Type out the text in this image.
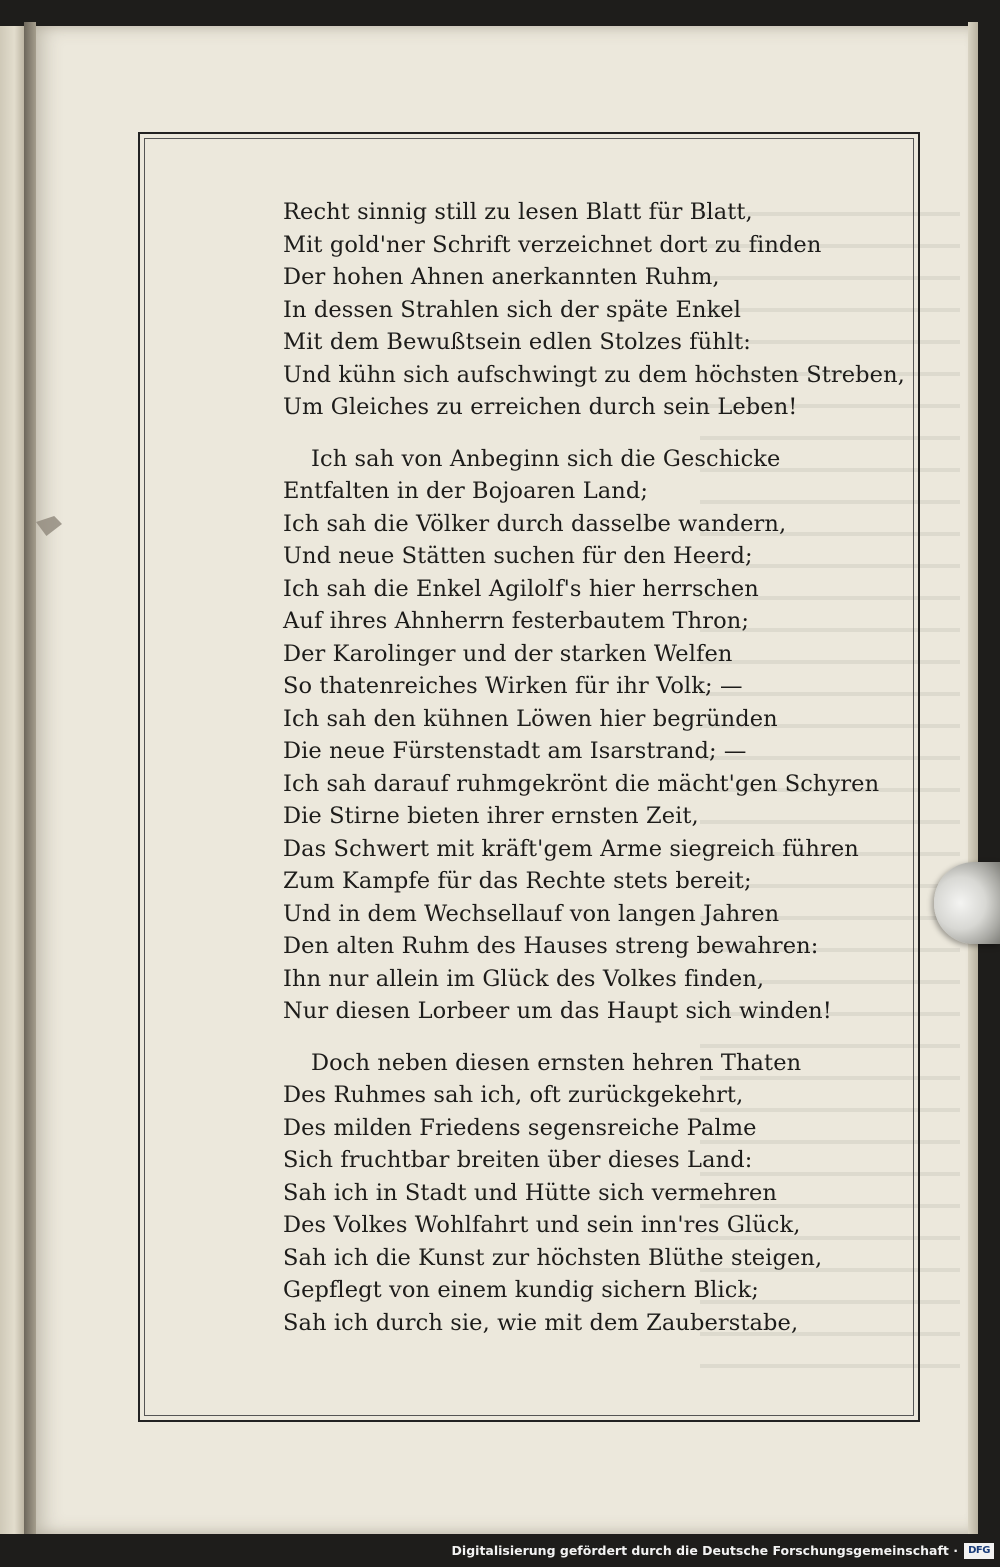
Recht sinnig still zu lesen Blatt für Blatt,
Mit gold'ner Schrift verzeichnet dort zu finden
Der hohen Ahnen anerkannten Ruhm,
In dessen Strahlen sich der späte Enkel
Mit dem Bewußtsein edlen Stolzes fühlt:
Und kühn sich aufschwingt zu dem höchsten Streben,
Um Gleiches zu erreichen durch sein Leben!
Ich sah von Anbeginn sich die Geschicke
Entfalten in der Bojoaren Land;
Ich sah die Völker durch dasselbe wandern,
Und neue Stätten suchen für den Heerd;
Ich sah die Enkel Agilolf's hier herrschen
Auf ihres Ahnherrn festerbautem Thron;
Der Karolinger und der starken Welfen
So thatenreiches Wirken für ihr Volk; —
Ich sah den kühnen Löwen hier begründen
Die neue Fürstenstadt am Isarstrand; —
Ich sah darauf ruhmgekrönt die mächt'gen Schyren
Die Stirne bieten ihrer ernsten Zeit,
Das Schwert mit kräft'gem Arme siegreich führen
Zum Kampfe für das Rechte stets bereit;
Und in dem Wechsellauf von langen Jahren
Den alten Ruhm des Hauses streng bewahren:
Ihn nur allein im Glück des Volkes finden,
Nur diesen Lorbeer um das Haupt sich winden!
Doch neben diesen ernsten hehren Thaten
Des Ruhmes sah ich, oft zurückgekehrt,
Des milden Friedens segensreiche Palme
Sich fruchtbar breiten über dieses Land:
Sah ich in Stadt und Hütte sich vermehren
Des Volkes Wohlfahrt und sein inn'res Glück,
Sah ich die Kunst zur höchsten Blüthe steigen,
Gepflegt von einem kundig sichern Blick;
Sah ich durch sie, wie mit dem Zauberstabe,
Digitalisierung gefördert durch die Deutsche Forschungsgemeinschaft ·	DFG
